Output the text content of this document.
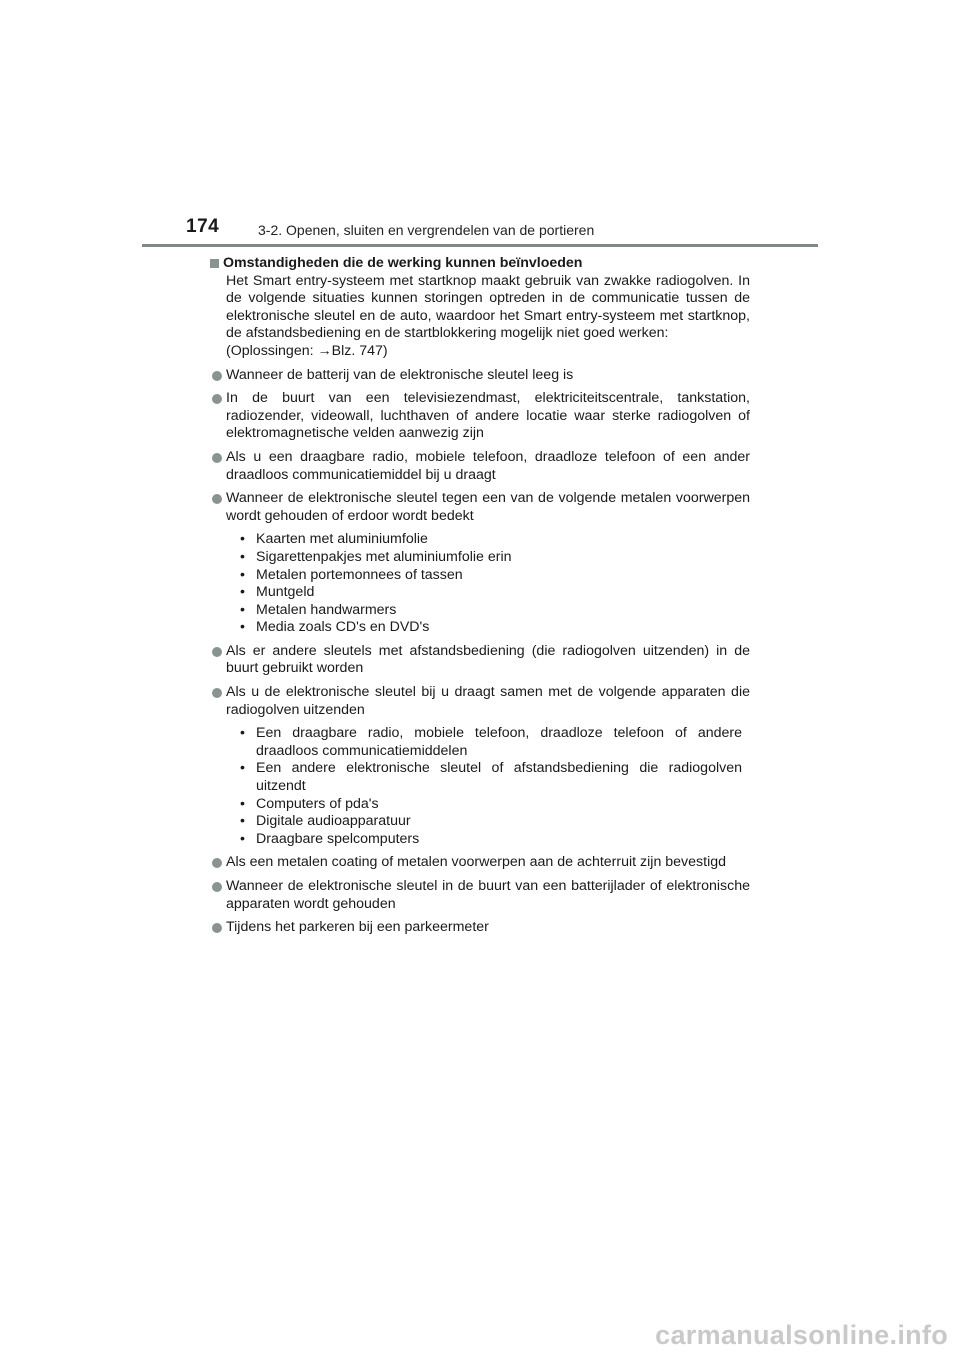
174	3-2. Openen, sluiten en vergrendelen van de portieren
Omstandigheden die de werking kunnen beïnvloeden

Het Smart entry-systeem met startknop maakt gebruik van zwakke radiogolven. In de volgende situaties kunnen storingen optreden in de communicatie tussen de elektronische sleutel en de auto, waardoor het Smart entry-systeem met startknop, de afstandsbediening en de startblokkering mogelijk niet goed werken:

(Oplossingen: →Blz. 747)

Wanneer de batterij van de elektronische sleutel leeg is
In de buurt van een televisiezendmast, elektriciteitscentrale, tankstation, radiozender, videowall, luchthaven of andere locatie waar sterke radiogolven of elektromagnetische velden aanwezig zijn
Als u een draagbare radio, mobiele telefoon, draadloze telefoon of een ander draadloos communicatiemiddel bij u draagt
Wanneer de elektronische sleutel tegen een van de volgende metalen voorwerpen wordt gehouden of erdoor wordt bedekt
• Kaarten met aluminiumfolie
• Sigarettenpakjes met aluminiumfolie erin
• Metalen portemonnees of tassen
• Muntgeld
• Metalen handwarmers
• Media zoals CD's en DVD's
Als er andere sleutels met afstandsbediening (die radiogolven uitzenden) in de buurt gebruikt worden
Als u de elektronische sleutel bij u draagt samen met de volgende apparaten die radiogolven uitzenden
• Een draagbare radio, mobiele telefoon, draadloze telefoon of andere draadloos communicatiemiddelen
• Een andere elektronische sleutel of afstandsbediening die radiogolven uitzendt
• Computers of pda's
• Digitale audioapparatuur
• Draagbare spelcomputers
Als een metalen coating of metalen voorwerpen aan de achterruit zijn bevestigd
Wanneer de elektronische sleutel in de buurt van een batterijlader of elektronische apparaten wordt gehouden
Tijdens het parkeren bij een parkeermeter
carmanualsonline.info
